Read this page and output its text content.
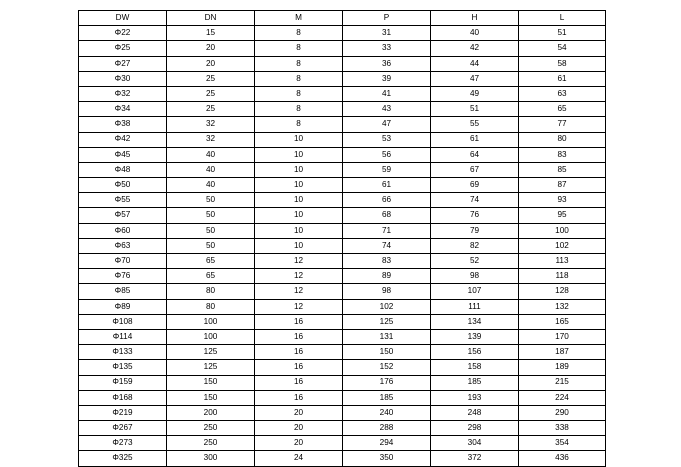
DW	DN	M	P	H	L
Φ22	15	8	31	40	51
Φ25	20	8	33	42	54
Φ27	20	8	36	44	58
Φ30	25	8	39	47	61
Φ32	25	8	41	49	63
Φ34	25	8	43	51	65
Φ38	32	8	47	55	77
Φ42	32	10	53	61	80
Φ45	40	10	56	64	83
Φ48	40	10	59	67	85
Φ50	40	10	61	69	87
Φ55	50	10	66	74	93
Φ57	50	10	68	76	95
Φ60	50	10	71	79	100
Φ63	50	10	74	82	102
Φ70	65	12	83	52	113
Φ76	65	12	89	98	118
Φ85	80	12	98	107	128
Φ89	80	12	102	111	132
Φ108	100	16	125	134	165
Φ114	100	16	131	139	170
Φ133	125	16	150	156	187
Φ135	125	16	152	158	189
Φ159	150	16	176	185	215
Φ168	150	16	185	193	224
Φ219	200	20	240	248	290
Φ267	250	20	288	298	338
Φ273	250	20	294	304	354
Φ325	300	24	350	372	436
